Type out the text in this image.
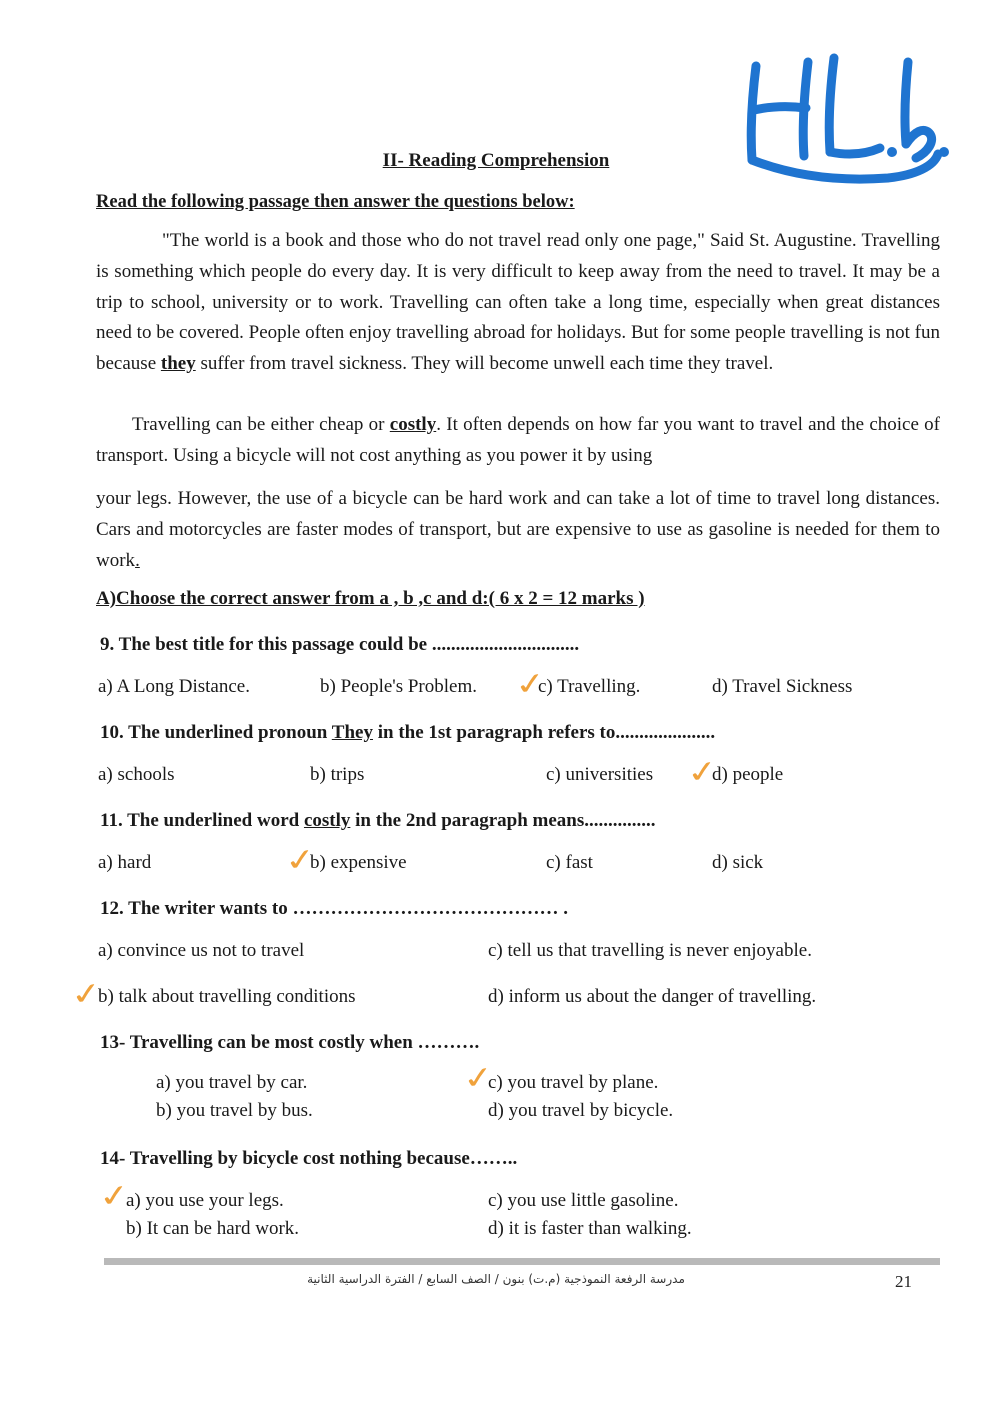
II- Reading Comprehension
Read the following passage then answer the questions below:
"The world is a book and those who do not travel read only one page," Said St. Augustine. Travelling is something which people do every day. It is very difficult to keep away from the need to travel. It may be a trip to school, university or to work. Travelling can often take a long time, especially when great distances need to be covered. People often enjoy travelling abroad for holidays. But for some people travelling is not fun because they suffer from travel sickness. They will become unwell each time they travel.
Travelling can be either cheap or costly. It often depends on how far you want to travel and the choice of transport. Using a bicycle will not cost anything as you power it by using
your legs. However, the use of a bicycle can be hard work and can take a lot of time to travel long distances. Cars and motorcycles are faster modes of transport, but are expensive to use as gasoline is needed for them to work.
A)Choose the correct answer from a , b ,c and d:( 6 x 2 = 12 marks )
9. The best title for this passage could be ...............................
a) A Long Distance.	b) People's Problem.	c) Travelling.	d) Travel Sickness
✓
10. The underlined pronoun They in the 1st paragraph refers to.....................
a) schools	b) trips	c) universities	d) people
✓
11. The underlined word costly in the 2nd paragraph means...............
a) hard	b) expensive	c) fast	d) sick
✓
12. The writer wants to …………………………………… .
a) convince us not to travel	c) tell us that travelling is never enjoyable.
b) talk about travelling conditions	d) inform us about the danger of travelling.
✓
13- Travelling can be most costly when ……….
a) you travel by car.	c) you travel by plane.
✓
b) you travel by bus.	d) you travel by bicycle.
14- Travelling by bicycle cost nothing because……..
a) you use your legs.	c) you use little gasoline.
✓
b) It can be hard work.	d) it is faster than walking.
مدرسة الرفعة النموذجية (م.ت) بنون / الصف السابع / الفترة الدراسية الثانية	21
